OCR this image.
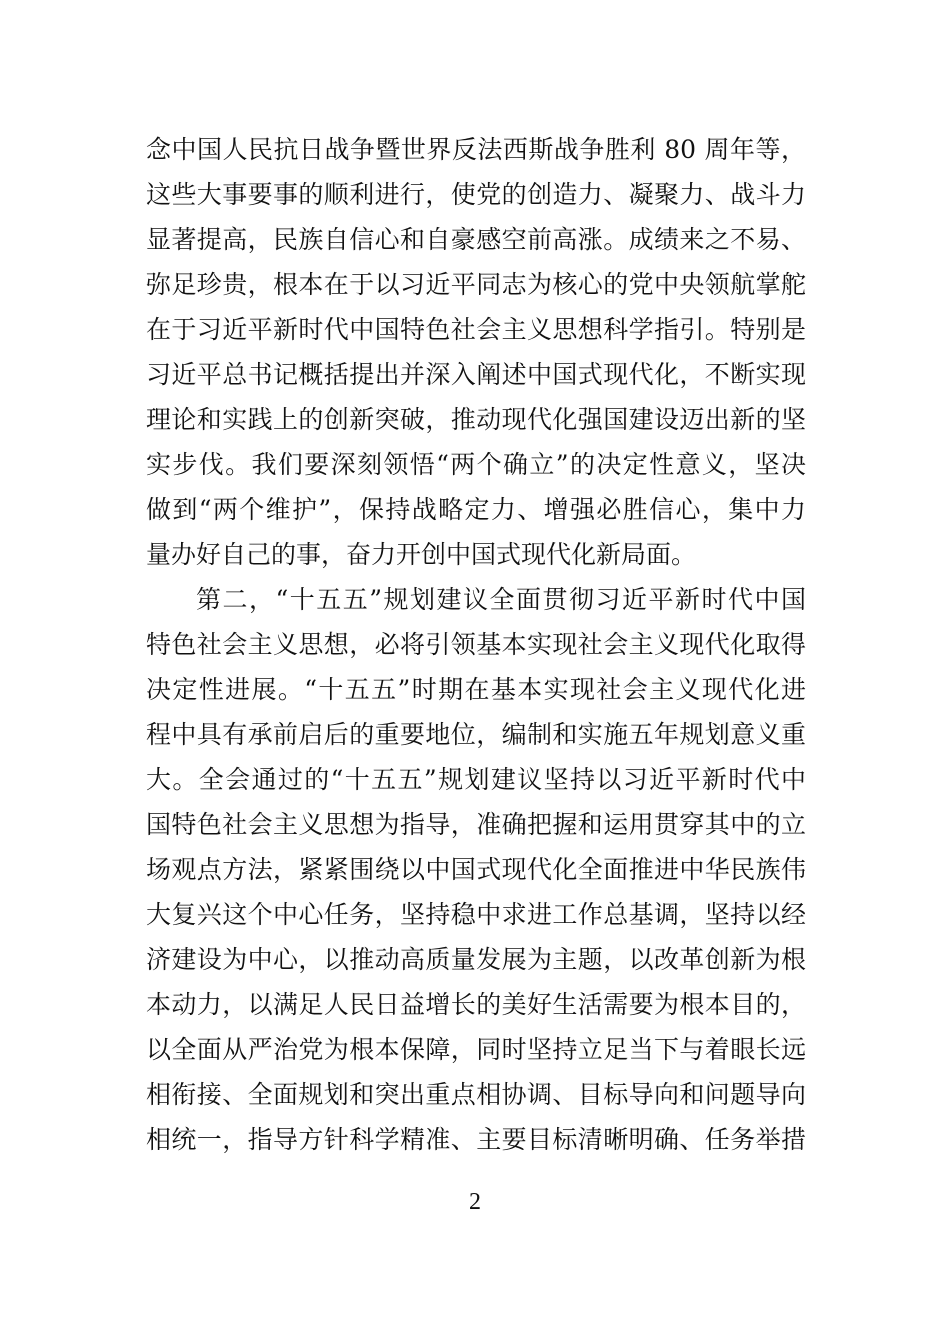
念中国人民抗日战争暨世界反法西斯战争胜利 80 周年等，
这些大事要事的顺利进行，使党的创造力、凝聚力、战斗力
显著提高，民族自信心和自豪感空前高涨。成绩来之不易、
弥足珍贵，根本在于以习近平同志为核心的党中央领航掌舵
在于习近平新时代中国特色社会主义思想科学指引。特别是
习近平总书记概括提出并深入阐述中国式现代化，不断实现
理论和实践上的创新突破，推动现代化强国建设迈出新的坚
实步伐。我们要深刻领悟“两个确立”的决定性意义，坚决
做到“两个维护”，保持战略定力、增强必胜信心，集中力
量办好自己的事，奋力开创中国式现代化新局面。
第二，“十五五”规划建议全面贯彻习近平新时代中国
特色社会主义思想，必将引领基本实现社会主义现代化取得
决定性进展。“十五五”时期在基本实现社会主义现代化进
程中具有承前启后的重要地位，编制和实施五年规划意义重
大。全会通过的“十五五”规划建议坚持以习近平新时代中
国特色社会主义思想为指导，准确把握和运用贯穿其中的立
场观点方法，紧紧围绕以中国式现代化全面推进中华民族伟
大复兴这个中心任务，坚持稳中求进工作总基调，坚持以经
济建设为中心，以推动高质量发展为主题，以改革创新为根
本动力，以满足人民日益增长的美好生活需要为根本目的，
以全面从严治党为根本保障，同时坚持立足当下与着眼长远
相衔接、全面规划和突出重点相协调、目标导向和问题导向
相统一，指导方针科学精准、主要目标清晰明确、任务举措
2
